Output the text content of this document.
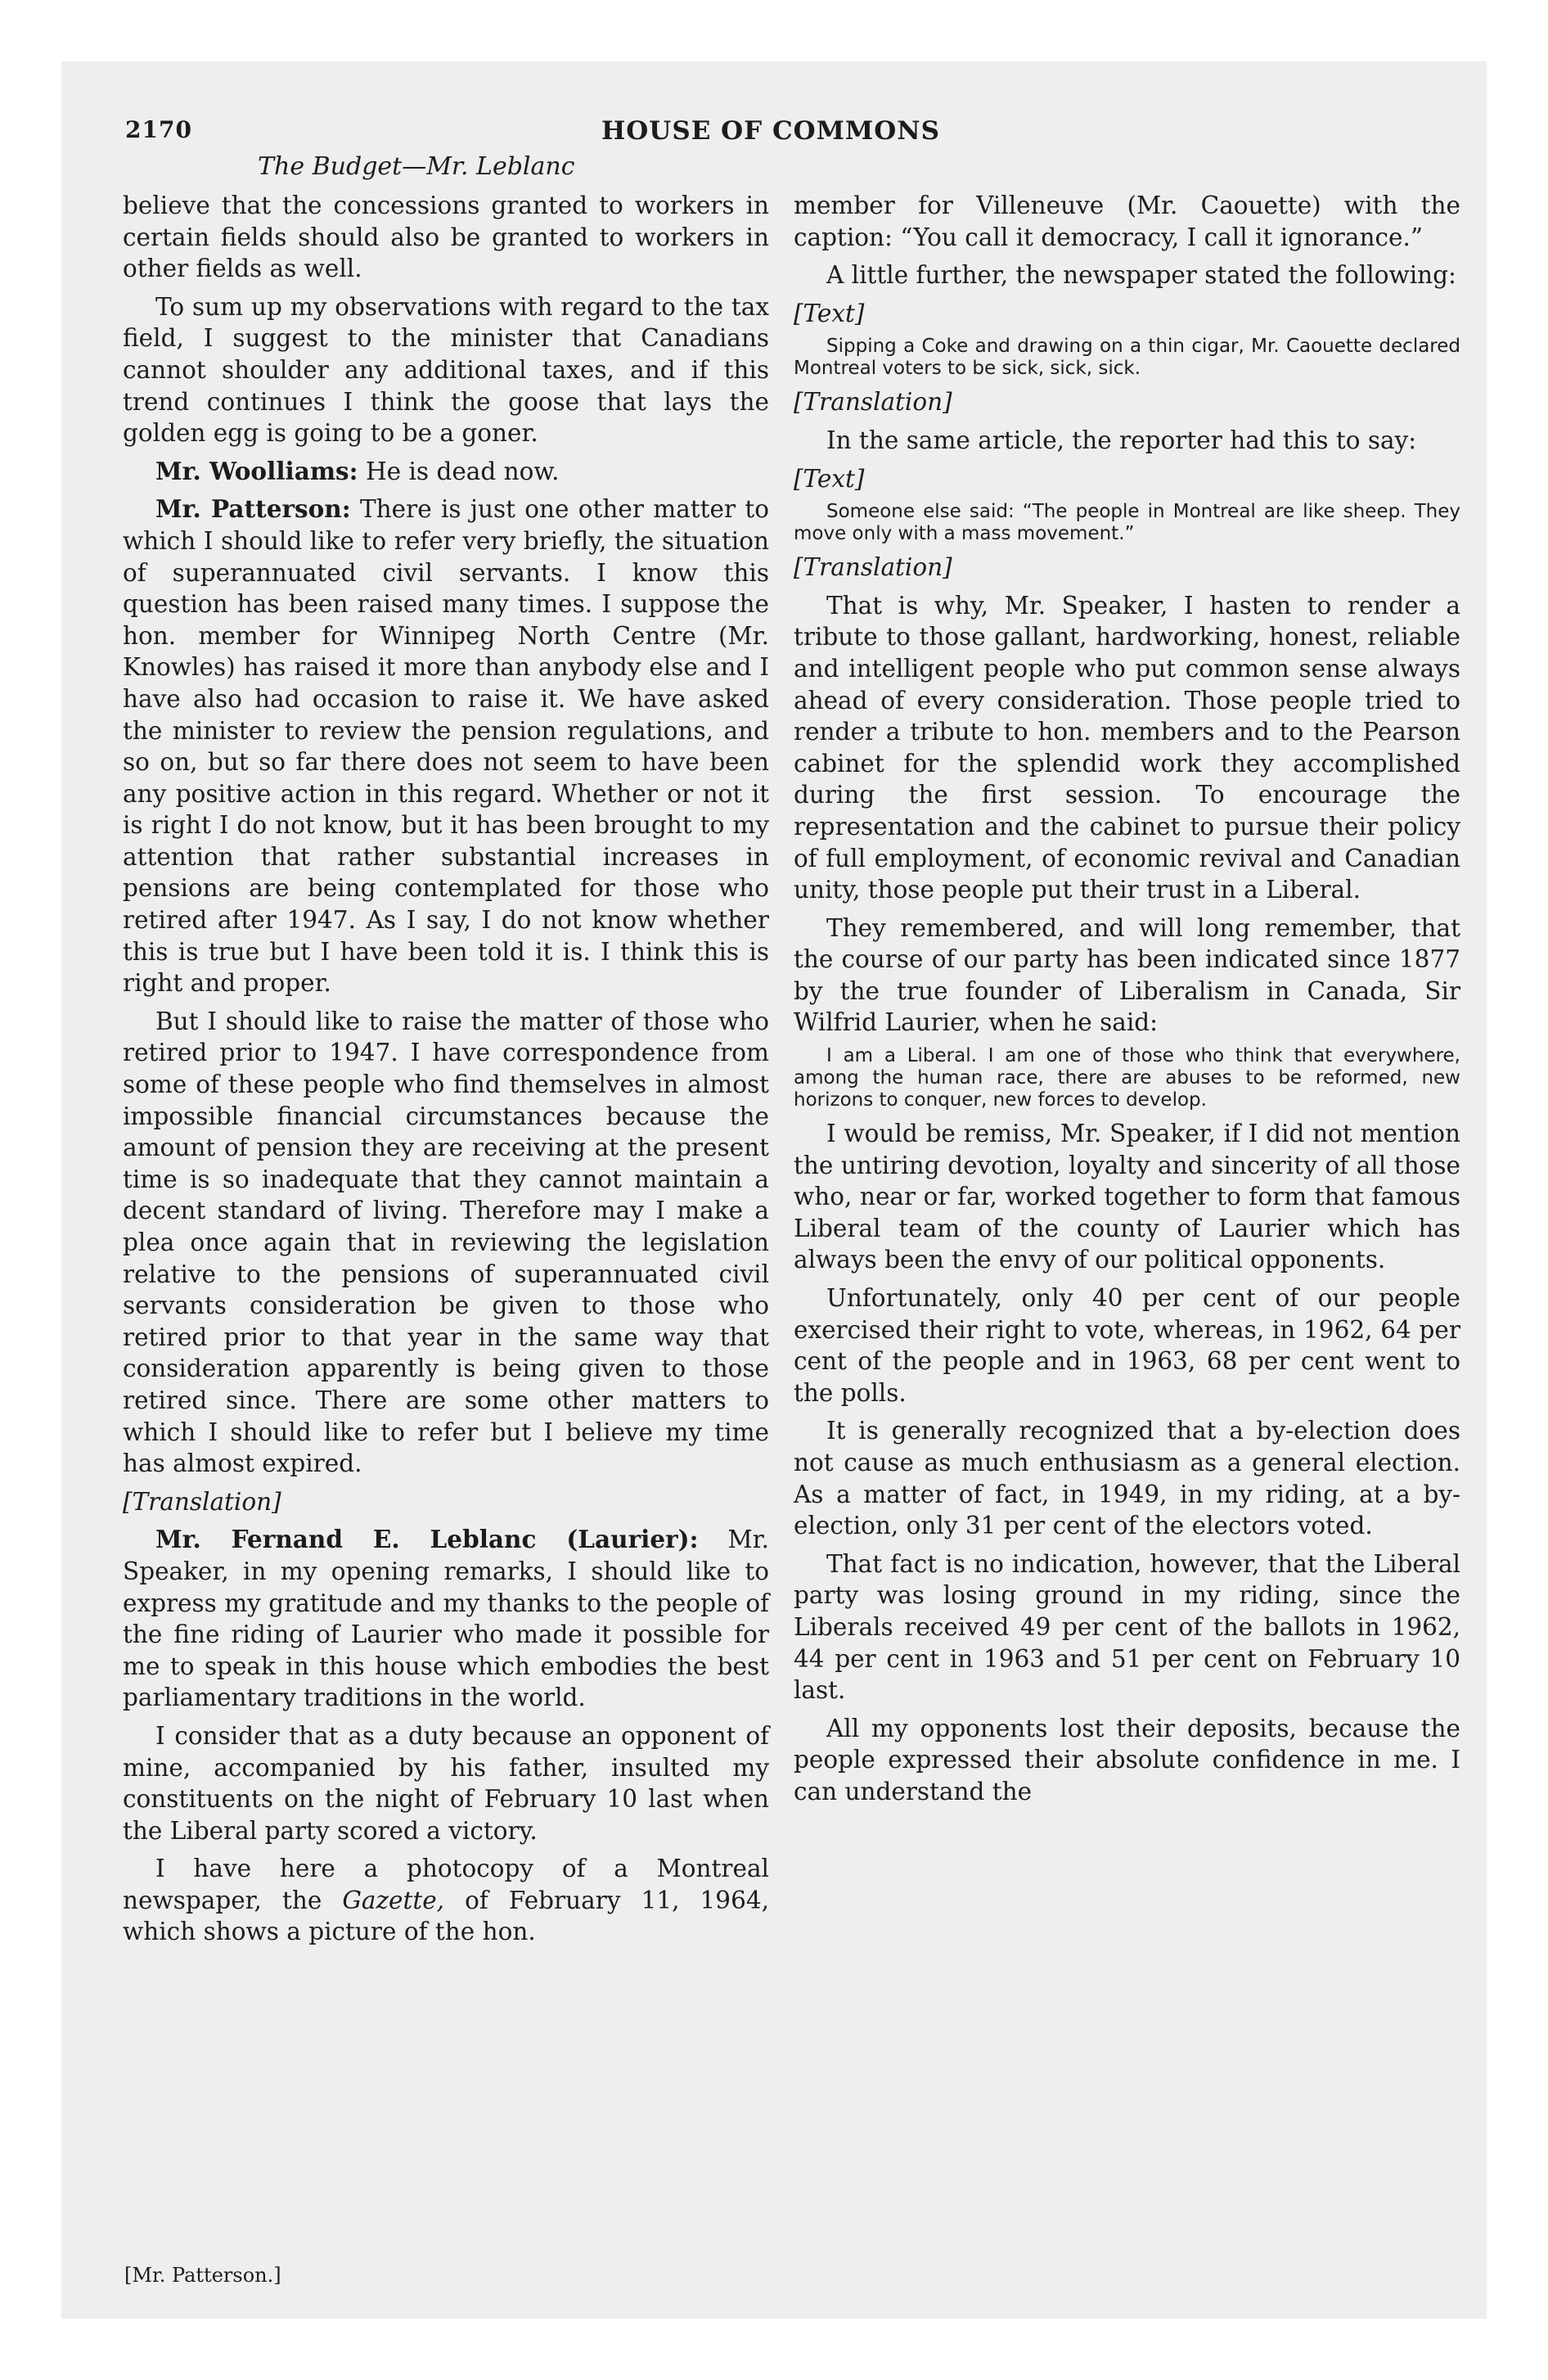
2170	HOUSE OF COMMONS
The Budget—Mr. Leblanc

believe that the concessions granted to workers in certain fields should also be granted to workers in other fields as well.

To sum up my observations with regard to the tax field, I suggest to the minister that Canadians cannot shoulder any additional taxes, and if this trend continues I think the goose that lays the golden egg is going to be a goner.

Mr. Woolliams: He is dead now.

Mr. Patterson: There is just one other matter to which I should like to refer very briefly, the situation of superannuated civil servants. I know this question has been raised many times. I suppose the hon. member for Winnipeg North Centre (Mr. Knowles) has raised it more than anybody else and I have also had occasion to raise it. We have asked the minister to review the pension regulations, and so on, but so far there does not seem to have been any positive action in this regard. Whether or not it is right I do not know, but it has been brought to my attention that rather substantial increases in pensions are being contemplated for those who retired after 1947. As I say, I do not know whether this is true but I have been told it is. I think this is right and proper.

But I should like to raise the matter of those who retired prior to 1947. I have correspondence from some of these people who find themselves in almost impossible financial circumstances because the amount of pension they are receiving at the present time is so inadequate that they cannot maintain a decent standard of living. Therefore may I make a plea once again that in reviewing the legislation relative to the pensions of superannuated civil servants consideration be given to those who retired prior to that year in the same way that consideration apparently is being given to those retired since. There are some other matters to which I should like to refer but I believe my time has almost expired.

[Translation]

Mr. Fernand E. Leblanc (Laurier): Mr. Speaker, in my opening remarks, I should like to express my gratitude and my thanks to the people of the fine riding of Laurier who made it possible for me to speak in this house which embodies the best parliamentary traditions in the world.

I consider that as a duty because an opponent of mine, accompanied by his father, insulted my constituents on the night of February 10 last when the Liberal party scored a victory.

I have here a photocopy of a Montreal newspaper, the Gazette, of February 11, 1964, which shows a picture of the hon.

member for Villeneuve (Mr. Caouette) with the caption: “You call it democracy, I call it ignorance.”

A little further, the newspaper stated the following:

[Text]

Sipping a Coke and drawing on a thin cigar, Mr. Caouette declared Montreal voters to be sick, sick, sick.

[Translation]

In the same article, the reporter had this to say:

[Text]

Someone else said: “The people in Montreal are like sheep. They move only with a mass movement.”

[Translation]

That is why, Mr. Speaker, I hasten to render a tribute to those gallant, hardworking, honest, reliable and intelligent people who put common sense always ahead of every consideration. Those people tried to render a tribute to hon. members and to the Pearson cabinet for the splendid work they accomplished during the first session. To encourage the representation and the cabinet to pursue their policy of full employment, of economic revival and Canadian unity, those people put their trust in a Liberal.

They remembered, and will long remember, that the course of our party has been indicated since 1877 by the true founder of Liberalism in Canada, Sir Wilfrid Laurier, when he said:

I am a Liberal. I am one of those who think that everywhere, among the human race, there are abuses to be reformed, new horizons to conquer, new forces to develop.

I would be remiss, Mr. Speaker, if I did not mention the untiring devotion, loyalty and sincerity of all those who, near or far, worked together to form that famous Liberal team of the county of Laurier which has always been the envy of our political opponents.

Unfortunately, only 40 per cent of our people exercised their right to vote, whereas, in 1962, 64 per cent of the people and in 1963, 68 per cent went to the polls.

It is generally recognized that a by-election does not cause as much enthusiasm as a general election. As a matter of fact, in 1949, in my riding, at a by-election, only 31 per cent of the electors voted.

That fact is no indication, however, that the Liberal party was losing ground in my riding, since the Liberals received 49 per cent of the ballots in 1962, 44 per cent in 1963 and 51 per cent on February 10 last.

All my opponents lost their deposits, because the people expressed their absolute confidence in me. I can understand the

[Mr. Patterson.]
